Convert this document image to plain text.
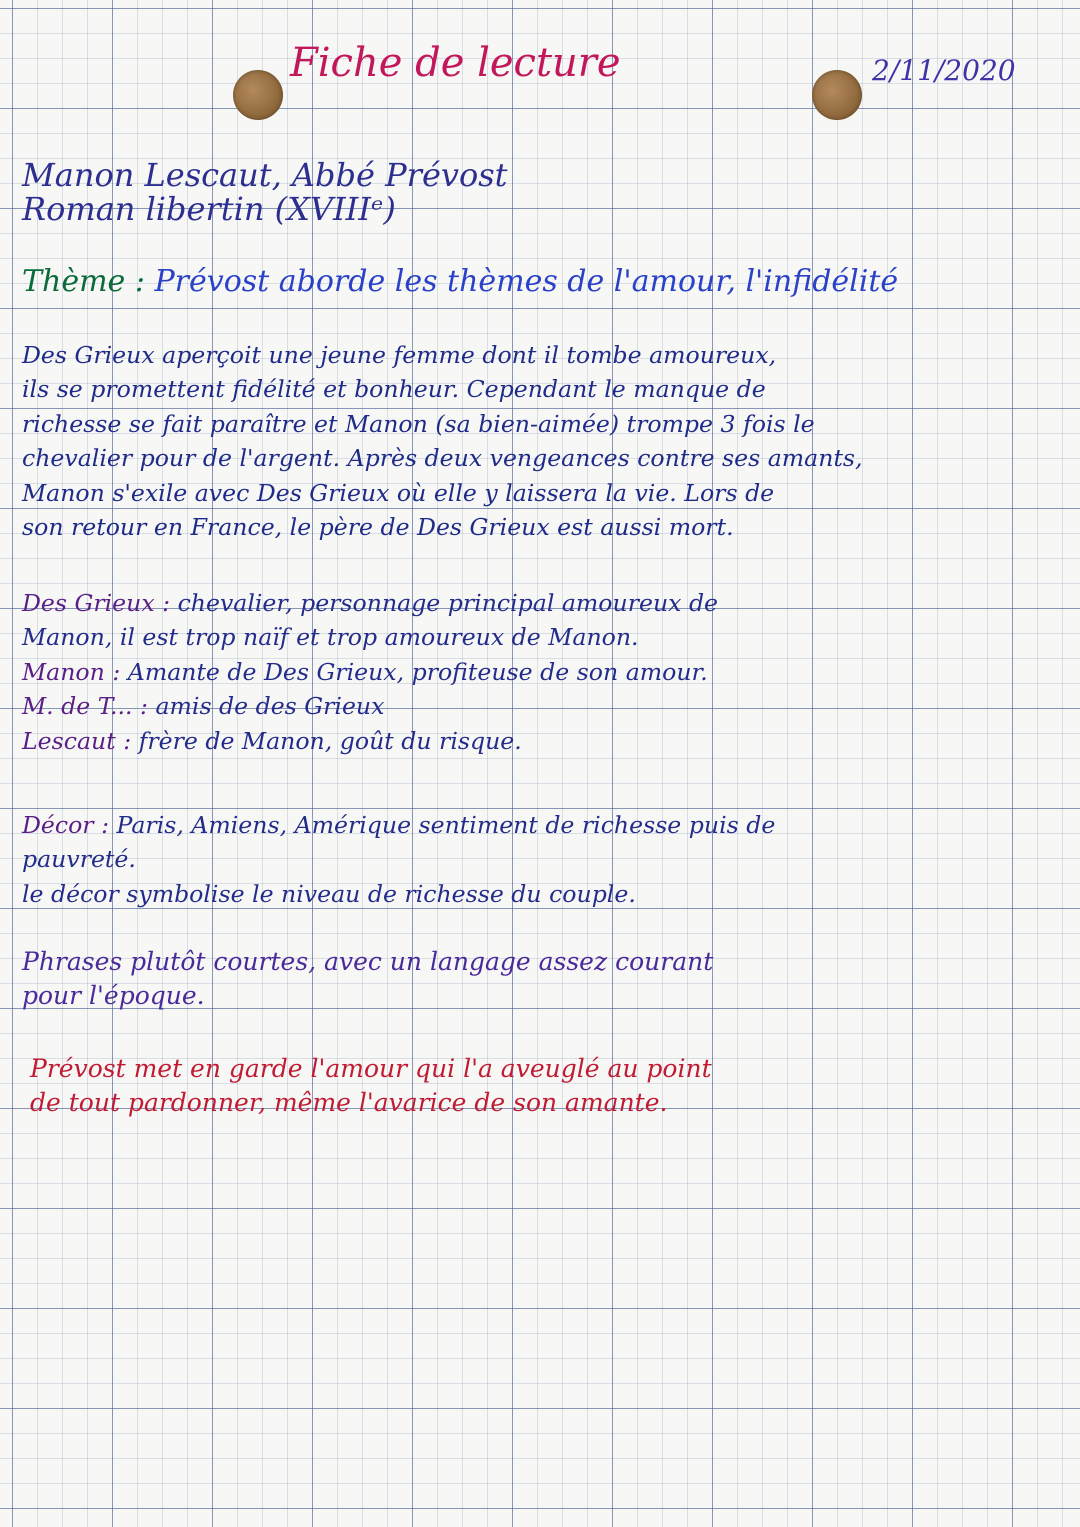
Fiche de lecture	2/11/2020

Manon Lescaut, Abbé Prévost
Roman libertin (XVIIIᵉ)

Thème : Prévost aborde les thèmes de l'amour, l'infidélité

Des Grieux aperçoit une jeune femme dont il tombe amoureux,
ils se promettent fidélité et bonheur. Cependant le manque de
richesse se fait paraître et Manon (sa bien-aimée) trompe 3 fois le
chevalier pour de l'argent. Après deux vengeances contre ses amants,
Manon s'exile avec Des Grieux où elle y laissera la vie. Lors de
son retour en France, le père de Des Grieux est aussi mort.
Des Grieux : chevalier, personnage principal amoureux de
Manon, il est trop naïf et trop amoureux de Manon.
Manon : Amante de Des Grieux, profiteuse de son amour.
M. de T... : amis de des Grieux
Lescaut : frère de Manon, goût du risque.
Décor : Paris, Amiens, Amérique sentiment de richesse puis de
pauvreté.
le décor symbolise le niveau de richesse du couple.
Phrases plutôt courtes, avec un langage assez courant
pour l'époque.
Prévost met en garde l'amour qui l'a aveuglé au point
de tout pardonner, même l'avarice de son amante.
